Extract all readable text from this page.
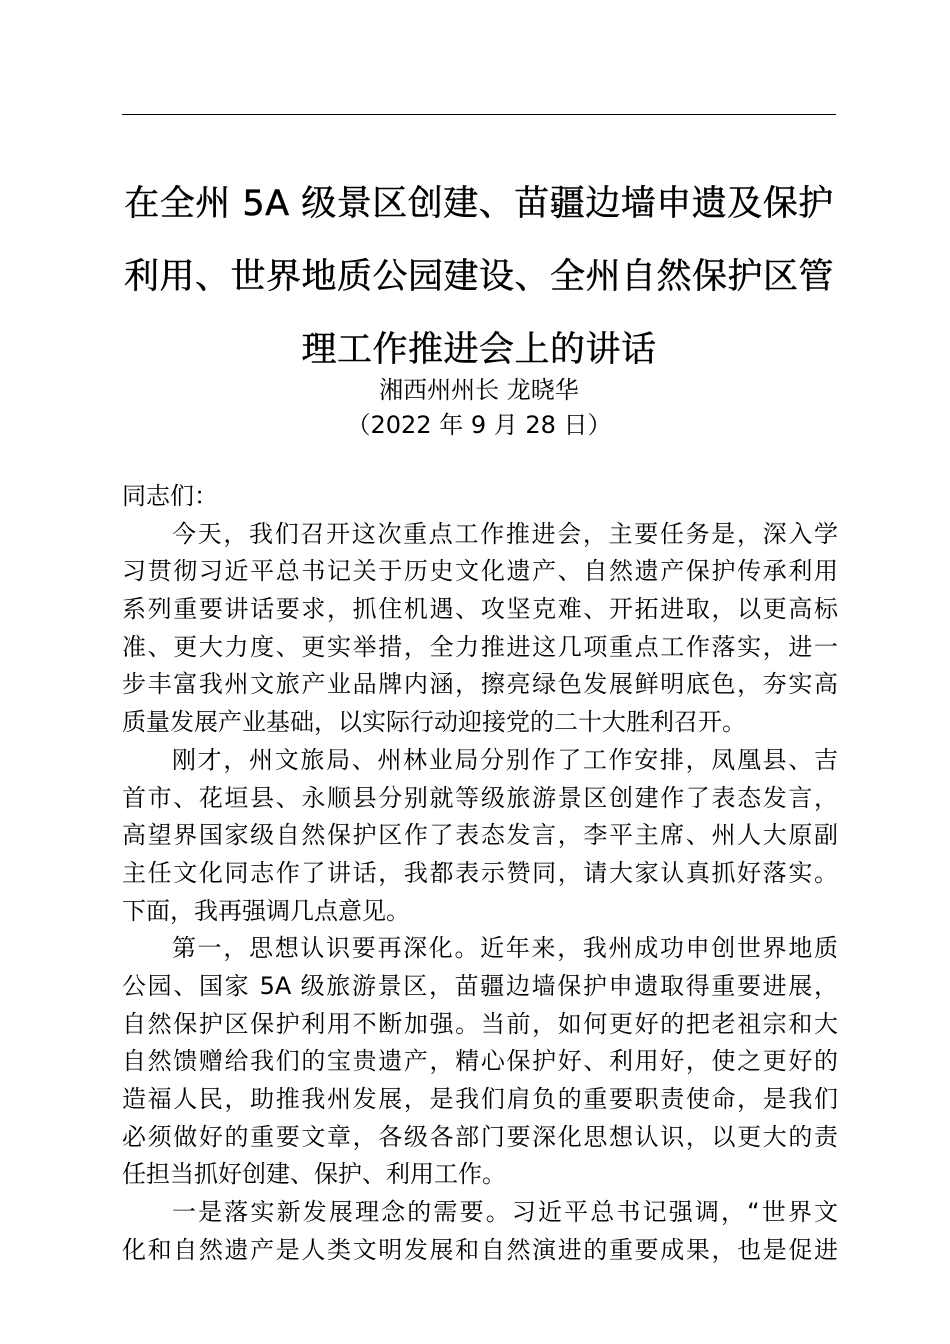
在全州 5A 级景区创建、苗疆边墙申遗及保护
利用、世界地质公园建设、全州自然保护区管
理工作推进会上的讲话
湘西州州长 龙晓华
（2022 年 9 月 28 日）
同志们：
今天，我们召开这次重点工作推进会，主要任务是，深入学
习贯彻习近平总书记关于历史文化遗产、自然遗产保护传承利用
系列重要讲话要求，抓住机遇、攻坚克难、开拓进取，以更高标
准、更大力度、更实举措，全力推进这几项重点工作落实，进一
步丰富我州文旅产业品牌内涵，擦亮绿色发展鲜明底色，夯实高
质量发展产业基础，以实际行动迎接党的二十大胜利召开。
刚才，州文旅局、州林业局分别作了工作安排，凤凰县、吉
首市、花垣县、永顺县分别就等级旅游景区创建作了表态发言，
高望界国家级自然保护区作了表态发言，李平主席、州人大原副
主任文化同志作了讲话，我都表示赞同，请大家认真抓好落实。
下面，我再强调几点意见。
第一，思想认识要再深化。近年来，我州成功申创世界地质
公园、国家 5A 级旅游景区，苗疆边墙保护申遗取得重要进展，
自然保护区保护利用不断加强。当前，如何更好的把老祖宗和大
自然馈赠给我们的宝贵遗产，精心保护好、利用好，使之更好的
造福人民，助推我州发展，是我们肩负的重要职责使命，是我们
必须做好的重要文章，各级各部门要深化思想认识，以更大的责
任担当抓好创建、保护、利用工作。
一是落实新发展理念的需要。习近平总书记强调，“世界文
化和自然遗产是人类文明发展和自然演进的重要成果，也是促进
